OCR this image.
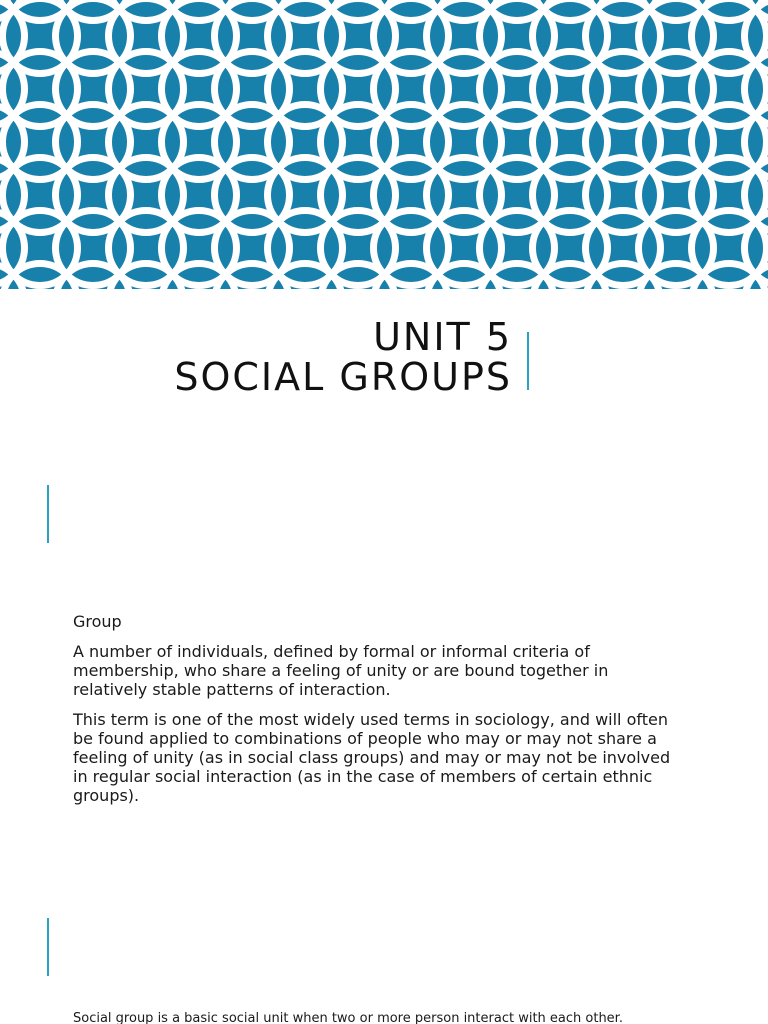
UNIT 5
SOCIAL GROUPS

Group

A number of individuals, defined by formal or informal criteria of membership, who share a feeling of unity or are bound together in relatively stable patterns of interaction.

This term is one of the most widely used terms in sociology, and will often be found applied to combinations of people who may or may not share a feeling of unity (as in social class groups) and may or may not be involved in regular social interaction (as in the case of members of certain ethnic groups).

Social group is a basic social unit when two or more person interact with each other.
